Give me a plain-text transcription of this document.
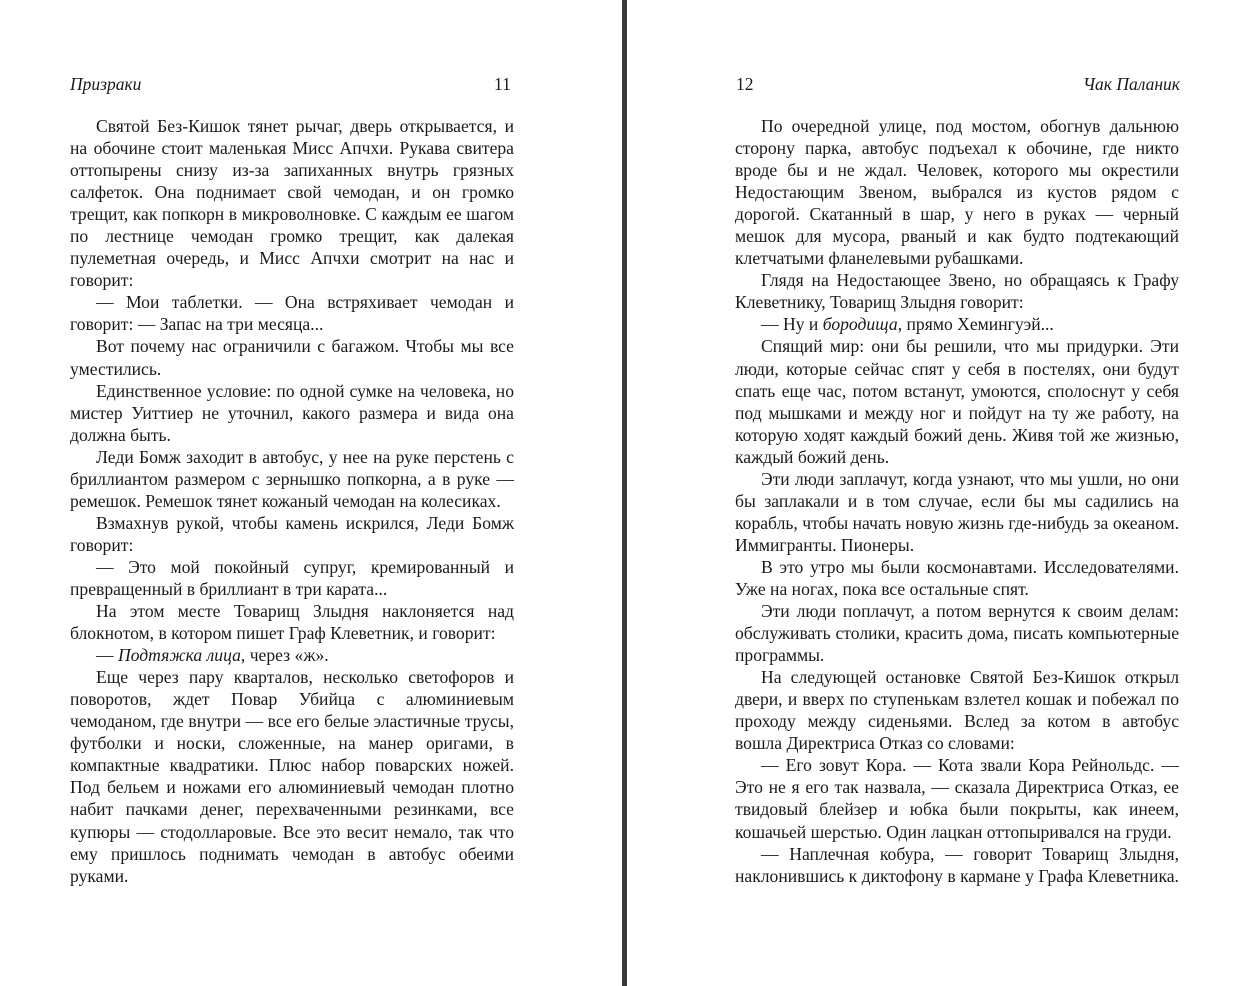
Призраки	11

Святой Без-Кишок тянет рычаг, дверь открывается, и на обочине стоит маленькая Мисс Апчхи. Рукава свитера оттопырены снизу из-за запиханных внутрь грязных салфеток. Она поднимает свой чемодан, и он громко трещит, как попкорн в микроволновке. С каждым ее шагом по лестнице чемодан громко трещит, как далекая пулеметная очередь, и Мисс Апчхи смотрит на нас и говорит:

— Мои таблетки. — Она встряхивает чемодан и говорит: — Запас на три месяца...

Вот почему нас ограничили с багажом. Чтобы мы все уместились.

Единственное условие: по одной сумке на человека, но мистер Уиттиер не уточнил, какого размера и вида она должна быть.

Леди Бомж заходит в автобус, у нее на руке перстень с бриллиантом размером с зернышко попкорна, а в руке — ремешок. Ремешок тянет кожаный чемодан на колесиках.

Взмахнув рукой, чтобы камень искрился, Леди Бомж говорит:

— Это мой покойный супруг, кремированный и превращенный в бриллиант в три карата...

На этом месте Товарищ Злыдня наклоняется над блокнотом, в котором пишет Граф Клеветник, и говорит:

— Подтяжка лица, через «ж».

Еще через пару кварталов, несколько светофоров и поворотов, ждет Повар Убийца с алюминиевым чемоданом, где внутри — все его белые эластичные трусы, футболки и носки, сложенные, на манер оригами, в компактные квадратики. Плюс набор поварских ножей. Под бельем и ножами его алюминиевый чемодан плотно набит пачками денег, перехваченными резинками, все купюры — стодолларовые. Все это весит немало, так что ему пришлось поднимать чемодан в автобус обеими руками.

12	Чак Паланик

По очередной улице, под мостом, обогнув дальнюю сторону парка, автобус подъехал к обочине, где никто вроде бы и не ждал. Человек, которого мы окрестили Недостающим Звеном, выбрался из кустов рядом с дорогой. Скатанный в шар, у него в руках — черный мешок для мусора, рваный и как будто подтекающий клетчатыми фланелевыми рубашками.

Глядя на Недостающее Звено, но обращаясь к Графу Клеветнику, Товарищ Злыдня говорит:

— Ну и бородища, прямо Хемингуэй...

Спящий мир: они бы решили, что мы придурки. Эти люди, которые сейчас спят у себя в постелях, они будут спать еще час, потом встанут, умоются, сполоснут у себя под мышками и между ног и пойдут на ту же работу, на которую ходят каждый божий день. Живя той же жизнью, каждый божий день.

Эти люди заплачут, когда узнают, что мы ушли, но они бы заплакали и в том случае, если бы мы садились на корабль, чтобы начать новую жизнь где-нибудь за океаном. Иммигранты. Пионеры.

В это утро мы были космонавтами. Исследователями. Уже на ногах, пока все остальные спят.

Эти люди поплачут, а потом вернутся к своим делам: обслуживать столики, красить дома, писать компьютерные программы.

На следующей остановке Святой Без-Кишок открыл двери, и вверх по ступенькам взлетел кошак и побежал по проходу между сиденьями. Вслед за котом в автобус вошла Директриса Отказ со словами:

— Его зовут Кора. — Кота звали Кора Рейнольдс. — Это не я его так назвала, — сказала Директриса Отказ, ее твидовый блейзер и юбка были покрыты, как инеем, кошачьей шерстью. Один лацкан оттопыривался на груди.

— Наплечная кобура, — говорит Товарищ Злыдня, наклонившись к диктофону в кармане у Графа Клеветника.
